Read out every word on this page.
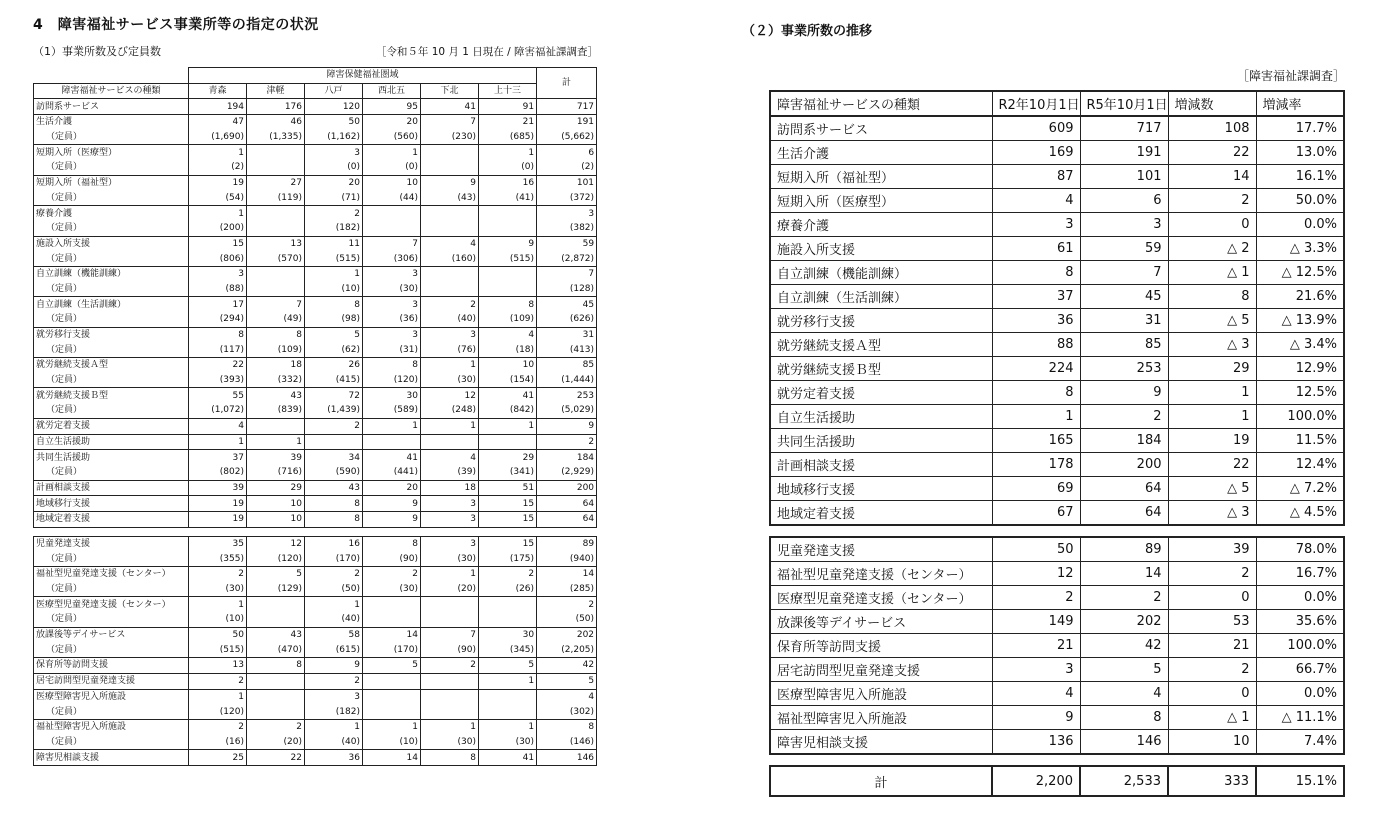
4　障害福祉サービス事業所等の指定の状況
（1）事業所数及び定員数	［令和５年 10 月 1 日現在 / 障害福祉課調査］
	障害保健福祉圏域						計
障害福祉サービスの種類	青森	津軽	八戸	西北五	下北	上十三	
訪問系サービス	194	176	120	95	41	91	717
生活介護	47	46	50	20	7	21	191
（定員）	(1,690)	(1,335)	(1,162)	(560)	(230)	(685)	(5,662)
短期入所（医療型）	1		3	1		1	6
（定員）	(2)		(0)	(0)		(0)	(2)
短期入所（福祉型）	19	27	20	10	9	16	101
（定員）	(54)	(119)	(71)	(44)	(43)	(41)	(372)
療養介護	1		2				3
（定員）	(200)		(182)				(382)
施設入所支援	15	13	11	7	4	9	59
（定員）	(806)	(570)	(515)	(306)	(160)	(515)	(2,872)
自立訓練（機能訓練）	3		1	3			7
（定員）	(88)		(10)	(30)			(128)
自立訓練（生活訓練）	17	7	8	3	2	8	45
（定員）	(294)	(49)	(98)	(36)	(40)	(109)	(626)
就労移行支援	8	8	5	3	3	4	31
（定員）	(117)	(109)	(62)	(31)	(76)	(18)	(413)
就労継続支援Ａ型	22	18	26	8	1	10	85
（定員）	(393)	(332)	(415)	(120)	(30)	(154)	(1,444)
就労継続支援Ｂ型	55	43	72	30	12	41	253
（定員）	(1,072)	(839)	(1,439)	(589)	(248)	(842)	(5,029)
就労定着支援	4		2	1	1	1	9
自立生活援助	1	1					2
共同生活援助	37	39	34	41	4	29	184
（定員）	(802)	(716)	(590)	(441)	(39)	(341)	(2,929)
計画相談支援	39	29	43	20	18	51	200
地域移行支援	19	10	8	9	3	15	64
地域定着支援	19	10	8	9	3	15	64

児童発達支援	35	12	16	8	3	15	89
（定員）	(355)	(120)	(170)	(90)	(30)	(175)	(940)
福祉型児童発達支援（センター）	2	5	2	2	1	2	14
（定員）	(30)	(129)	(50)	(30)	(20)	(26)	(285)
医療型児童発達支援（センター）	1		1				2
（定員）	(10)		(40)				(50)
放課後等デイサービス	50	43	58	14	7	30	202
（定員）	(515)	(470)	(615)	(170)	(90)	(345)	(2,205)
保育所等訪問支援	13	8	9	5	2	5	42
居宅訪問型児童発達支援	2		2			1	5
医療型障害児入所施設	1		3				4
（定員）	(120)		(182)				(302)
福祉型障害児入所施設	2	2	1	1	1	1	8
（定員）	(16)	(20)	(40)	(10)	(30)	(30)	(146)
障害児相談支援	25	22	36	14	8	41	146
（２）事業所数の推移
［障害福祉課調査］
障害福祉サービスの種類	R2年10月1日	R5年10月1日	増減数	増減率
訪問系サービス	609	717	108	17.7%
生活介護	169	191	22	13.0%
短期入所（福祉型）	87	101	14	16.1%
短期入所（医療型）	4	6	2	50.0%
療養介護	3	3	0	0.0%
施設入所支援	61	59	△ 2	△ 3.3%
自立訓練（機能訓練）	8	7	△ 1	△ 12.5%
自立訓練（生活訓練）	37	45	8	21.6%
就労移行支援	36	31	△ 5	△ 13.9%
就労継続支援Ａ型	88	85	△ 3	△ 3.4%
就労継続支援Ｂ型	224	253	29	12.9%
就労定着支援	8	9	1	12.5%
自立生活援助	1	2	1	100.0%
共同生活援助	165	184	19	11.5%
計画相談支援	178	200	22	12.4%
地域移行支援	69	64	△ 5	△ 7.2%
地域定着支援	67	64	△ 3	△ 4.5%

児童発達支援	50	89	39	78.0%
福祉型児童発達支援（センター）	12	14	2	16.7%
医療型児童発達支援（センター）	2	2	0	0.0%
放課後等デイサービス	149	202	53	35.6%
保育所等訪問支援	21	42	21	100.0%
居宅訪問型児童発達支援	3	5	2	66.7%
医療型障害児入所施設	4	4	0	0.0%
福祉型障害児入所施設	9	8	△ 1	△ 11.1%
障害児相談支援	136	146	10	7.4%

計	2,200	2,533	333	15.1%
